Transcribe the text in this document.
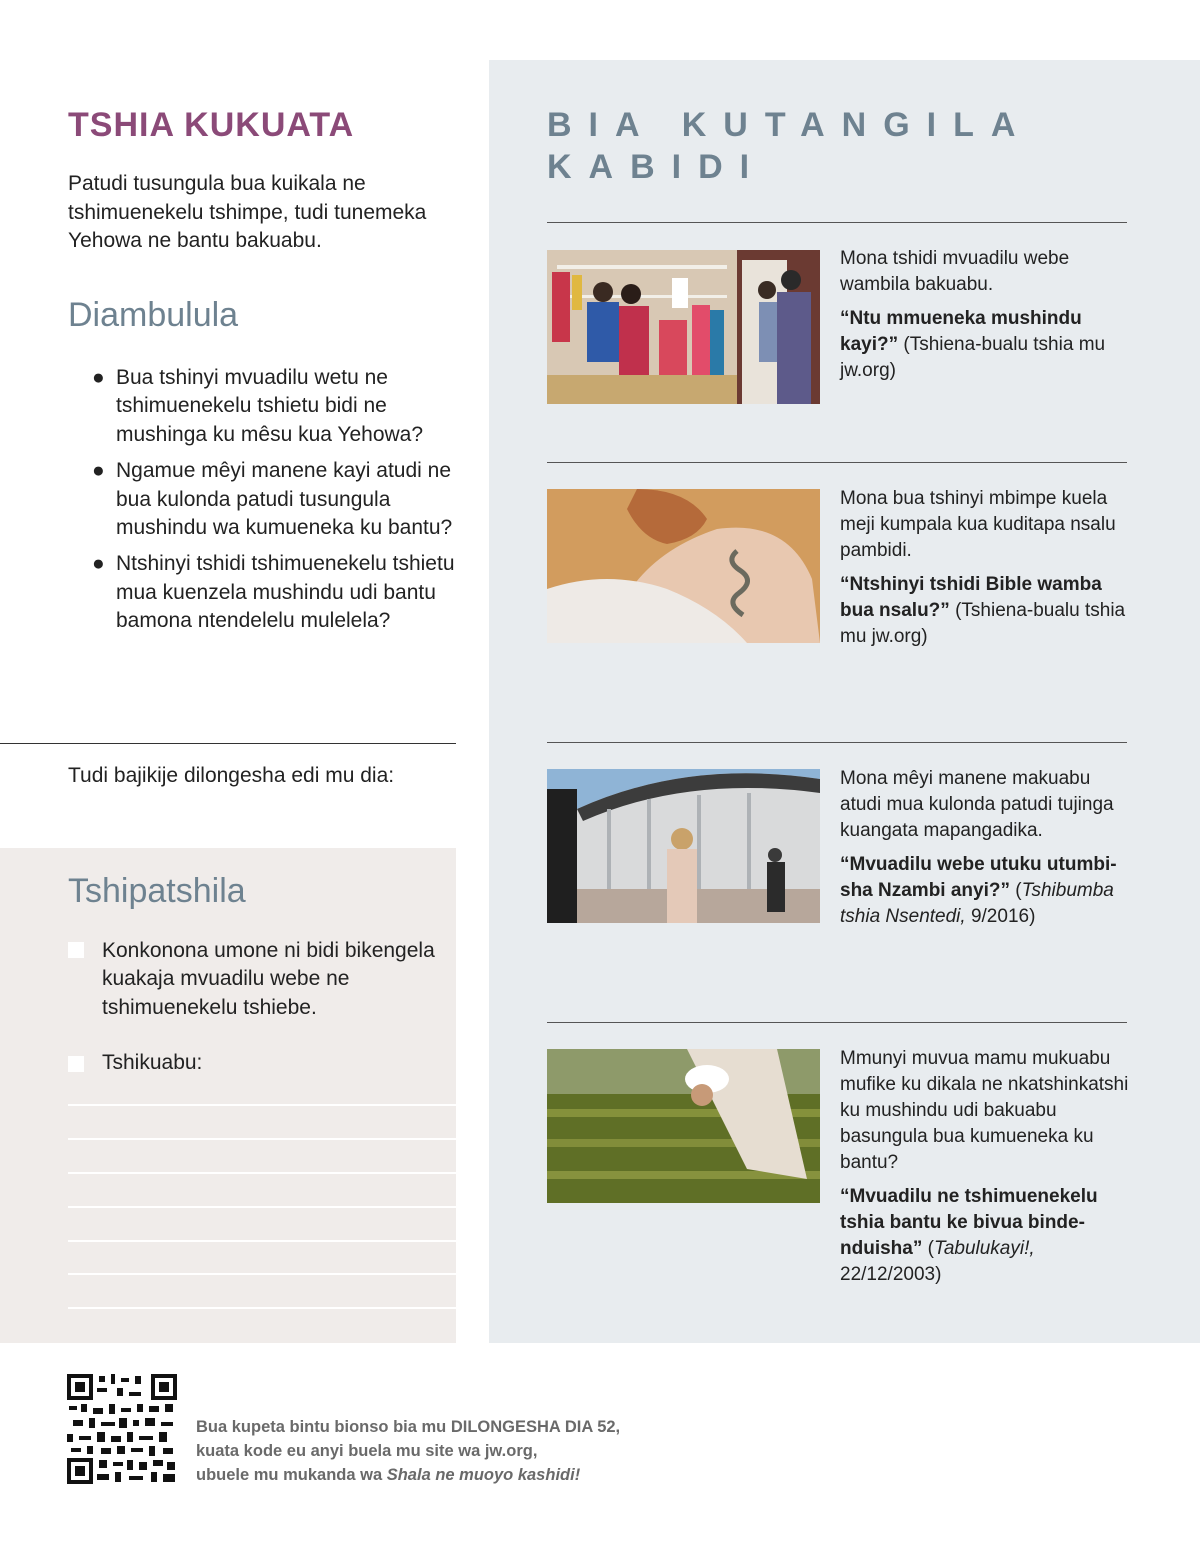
TSHIA KUKUATA
Patudi tusungula bua kuikala ne tshimuenekelu tshimpe, tudi tunemeka Yehowa ne bantu bakuabu.
Diambulula
● Bua tshinyi mvuadilu wetu ne tshimuenekelu tshietu bidi ne mushinga ku mêsu kua Yehowa?
● Ngamue mêyi manene kayi atudi ne bua kulonda patudi tusungula mushindu wa kumueneka ku bantu?
● Ntshinyi tshidi tshimuenekelu tshietu mua kuenzela mushindu udi bantu bamona ntendelelu mulelela?
Tudi bajikije dilongesha edi mu dia:
Tshipatshila
Konkonona umone ni bidi bikengela kuakaja mvuadilu webe ne tshimuenekelu tshiebe.
Tshikuabu:
BIA KUTANGILA KABIDI

Mona tshidi mvuadilu webe wambila bakuabu.

“Ntu mmueneka mushindu kayi?” (Tshiena-bualu tshia mu jw.org)

Mona bua tshinyi mbimpe kuela meji kumpala kua kuditapa nsalu pambidi.

“Ntshinyi tshidi Bible wamba bua nsalu?” (Tshiena-bualu tshia mu jw.org)

Mona mêyi manene makuabu atudi mua kulonda patudi tujinga kuangata mapangadika.

“Mvuadilu webe utuku utumbisha Nzambi anyi?” (Tshibumba tshia Nsentedi, 9/2016)

Mmunyi muvua mamu mukuabu mufike ku dikala ne nkatshinkatshi ku mushindu udi bakuabu basungula bua kumueneka ku bantu?

“Mvuadilu ne tshimuenekelu tshia bantu ke bivua bindenduisha” (Tabulukayi!, 22/12/2003)

Bua kupeta bintu bionso bia mu DILONGESHA DIA 52,
kuata kode eu anyi buela mu site wa jw.org,
ubuele mu mukanda wa Shala ne muoyo kashidi!
